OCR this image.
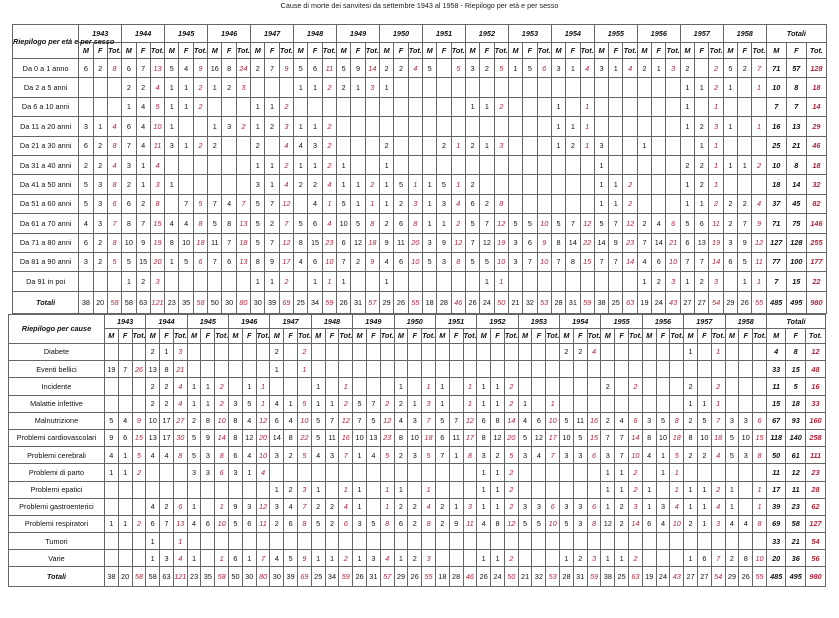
Cause di morte dei sanvitesi da settembre 1943 al 1958 - Riepilogo per età e per sesso
Riepilogo per età e per sesso	1943			1944			1945			1946			1947			1948			1949			1950			1951			1952			1953			1954			1955			1956			1957			1958			Totali		
	M	F	Tot.	M	F	Tot.	M	F	Tot.	M	F	Tot.	M	F	Tot.	M	F	Tot.	M	F	Tot.	M	F	Tot.	M	F	Tot.	M	F	Tot.	M	F	Tot.	M	F	Tot.	M	F	Tot.	M	F	Tot.	M	F	Tot.	M	F	Tot.	M	F	Tot.
Da 0 a 1 anno	6	2	8	6	7	13	5	4	9	16	8	24	2	7	9	5	6	11	5	9	14	2	2	4	5		5	3	2	5	1	5	6	3	1	4	3	1	4	2	1	3	2		2	5	2	7	71	57	128
Da 2 a 5 anni				2	2	4	1	1	2	1	2	3				1	1	2	2	1	3	1																					1	1	2	1		1	10	8	18
Da 6 a 10 anni				1	4	5	1	1	2				1	1	2													1	1	2				1		1							1		1				7	7	14
Da 11 a 20 anni	3	1	4	6	4	10	1			1	3	2	1	2	3	1	1	2																1	1	1							1	2	3	1		1	16	13	29
Da 21 a 30 anni	6	2	8	7	4	11	3	1	2	2			2		4	4	3	2				2				2	1	2	1	3				1	2	1	3			1				1	1				25	21	46
Da 31 a 40 anni	2	2	4	3	1	4							1	1	2	1	1	2	1			1															1						2	2	1	1	1	2	10	8	18
Da 41 a 50 anni	5	3	8	2	1	3	1						3	1	4	2	2	4	1	1	2	1	5	1	1	5	1	2									1	1	2				1	2	1				18	14	32
Da 51 a 60 anni	5	3	6	6	2	8		7	5	7	4	7	5	7	12		4	1	5	1	1	1	2	3	1	3	4	6	2	8							1	1	2				1	1	2	2	2	4	37	45	82
Da 61 a 70 anni	4	3	7	8	7	15	4	4	8	5	8	13	5	2	7	5	6	4	10	5	8	2	6	8	1	1	2	5	7	12	5	5	10	5	7	12	5	7	12	2	4	6	5	6	11	2	7	9	71	75	146
Da 71 a 80 anni	6	2	8	10	9	19	8	10	18	11	7	18	5	7	12	8	15	23	6	12	18	9	11	20	3	9	12	7	12	19	3	6	9	8	14	22	14	9	23	7	14	21	6	13	19	3	9	12	127	128	255
Da 81 a 90 anni	3	2	5	5	15	20	1	5	6	7	6	13	8	9	17	4	6	10	7	2	9	4	6	10	5	3	8	5	5	10	3	7	10	7	8	15	7	7	14	4	6	10	7	7	14	6	5	11	77	100	177
Da 91 in poi				1	2	3							1	1	2		1	1	1			1							1	1										1	2	3	1	2	3		1	1	7	15	22
Totali	38	20	58	58	63	121	23	35	58	50	30	80	30	39	69	25	34	59	26	31	57	29	26	55	18	28	46	26	24	50	21	32	53	28	31	59	38	25	63	19	24	43	27	27	54	29	26	55	485	495	980
Riepilogo per cause	1943			1944			1945			1946			1947			1948			1949			1950			1951			1952			1953			1954			1955			1956			1957			1958			Totali		
	M	F	Tot.	M	F	Tot.	M	F	Tot.	M	F	Tot.	M	F	Tot.	M	F	Tot.	M	F	Tot.	M	F	Tot.	M	F	Tot.	M	F	Tot.	M	F	Tot.	M	F	Tot.	M	F	Tot.	M	F	Tot.	M	F	Tot.	M	F	Tot.	M	F	Tot.
Diabete				2	1	3							2		2																			2	2	4							1		1				4	8	12
Eventi bellici	19	7	26	13	8	21							1		1																																		33	15	48
Incidente				2	2	4	1	1	2		1	1				1		1				1		1	1		1	1	1	2							2		2				2		2				11	5	16
Malattie infettive				2	2	4	1	1	2	3	5	1	4	1	5	1	1	2	5	7	2	2	1	3	1		1	1	1	2	1		1										1	1	1				15	18	33
Malnutrizione	5	4	9	10	17	27	2	8	10	8	4	12	6	4	10	5	7	12	7	5	12	4	3	7	5	7	12	6	8	14	4	6	10	5	11	16	2	4	6	3	5	8	2	5	7	3	3	6	67	93	160
Problemi cardiovascolari	9	6	15	13	17	30	5	9	14	8	12	20	14	8	22	5	11	16	10	13	23	8	10	18	6	11	17	8	12	20	5	12	17	10	5	15	7	7	14	8	10	18	8	10	18	5	10	15	118	140	258
Problemi cerebrali	4	1	5	4	4	8	5	3	8	6	4	10	3	2	5	4	3	7	1	4	5	2	3	5	7	1	8	3	2	5	3	4	7	3	3	6	3	7	10	4	1	5	2	2	4	5	3	8	50	61	111
Problemi di parto	1	1	2				3	3	6	3	1	4																1	1	2							1	1	2		1	1							11	12	23
Problemi epatici													1	2	3	1		1	1		1	1		1				1	1	2							1	1	2	1		1	1	1	2	1		1	17	11	28
Problemi gastroenterici				4	2	6	1		1	9	3	12	3	4	7	2	2	4	1		1	2	2	4	2	1	3	1	1	2	3	3	6	3	3	6	1	2	3	1	3	4	1	1	4	1		1	39	23	62
Problemi respiratori	1	1	2	6	7	13	4	6	10	5	6	11	2	6	8	5	2	6	3	5	8	6	2	8	2	9	11	4	8	12	5	5	10	5	3	8	12	2	14	6	4	10	2	1	3	4	4	8	69	58	127
Tumori				1		1																																											33	21	54
Varie				1	3	4	1		1	6	1	7	4	5	9	1	1	2	1	3	4	1	2	3				1	1	2				1	2	3	1	1	2				1	6	7	2	8	10	20	36	56
Totali	38	20	58	58	63	121	23	35	58	50	30	80	30	39	69	25	34	59	26	31	57	29	26	55	18	28	46	26	24	50	21	32	53	28	31	59	38	25	63	19	24	43	27	27	54	29	26	55	485	495	980
